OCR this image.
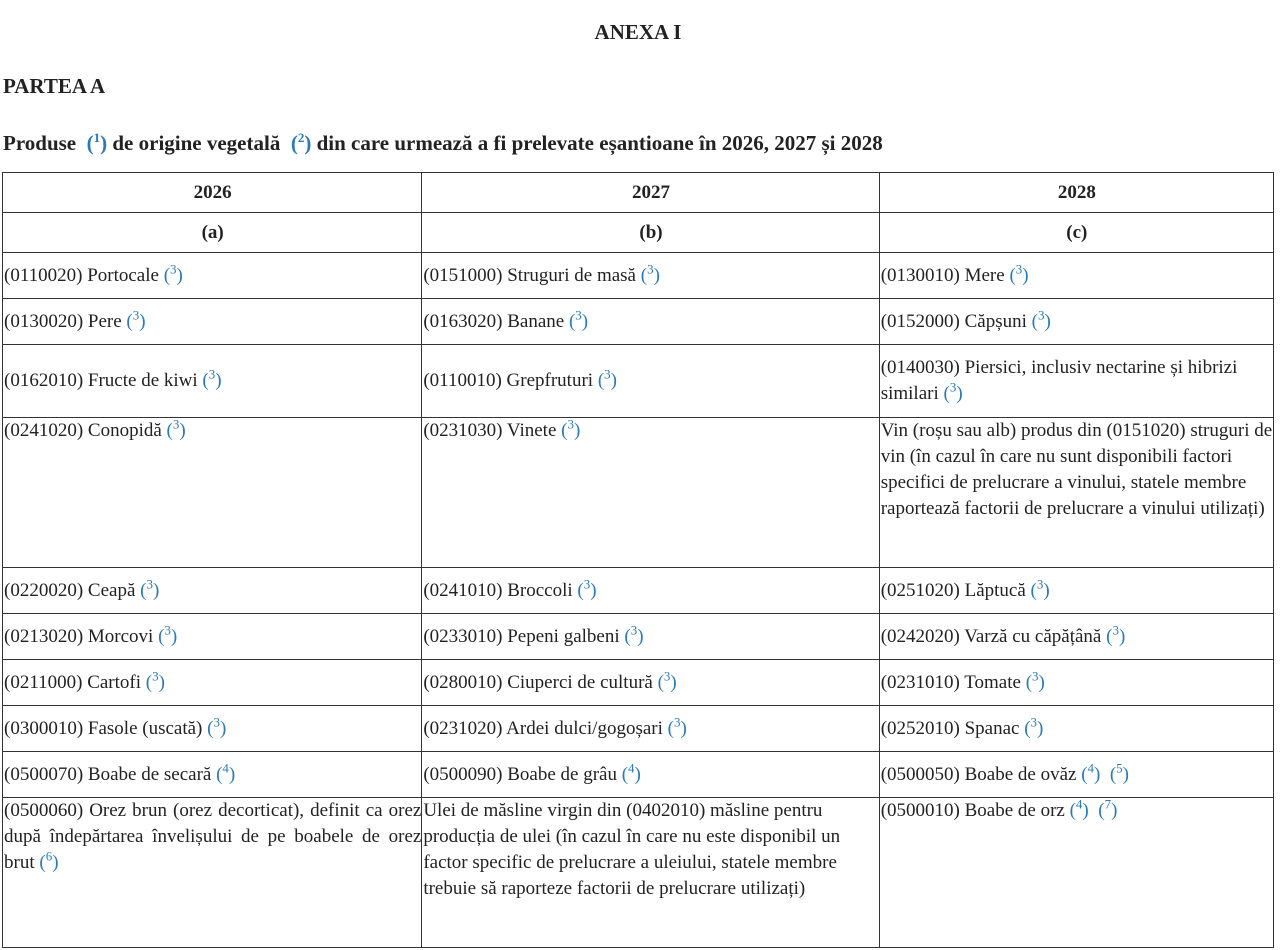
ANEXA I
PARTEA A
Produse ($^1$) de origine vegetală ($^2$) din care urmează a fi prelevate eșantioane în 2026, 2027 și 2028
2026	2027	2028
(a)	(b)	(c)
(0110020) Portocale ($^3$)	(0151000) Struguri de masă ($^3$)	(0130010) Mere ($^3$)
(0130020) Pere ($^3$)	(0163020) Banane ($^3$)	(0152000) Căpșuni ($^3$)
(0162010) Fructe de kiwi ($^3$)	(0110010) Grepfruturi ($^3$)	(0140030) Piersici, inclusiv nectarine și hibrizi similari ($^3$)
(0241020) Conopidă ($^3$)	(0231030) Vinete ($^3$)	Vin (roșu sau alb) produs din (0151020) struguri de vin (în cazul în care nu sunt disponibili factori specifici de prelucrare a vinului, statele membre raportează factorii de prelucrare a vinului utilizați)
(0220020) Ceapă ($^3$)	(0241010) Broccoli ($^3$)	(0251020) Lăptucă ($^3$)
(0213020) Morcovi ($^3$)	(0233010) Pepeni galbeni ($^3$)	(0242020) Varză cu căpățână ($^3$)
(0211000) Cartofi ($^3$)	(0280010) Ciuperci de cultură ($^3$)	(0231010) Tomate ($^3$)
(0300010) Fasole (uscată) ($^3$)	(0231020) Ardei dulci/gogoșari ($^3$)	(0252010) Spanac ($^3$)
(0500070) Boabe de secară ($^4$)	(0500090) Boabe de grâu ($^4$)	(0500050) Boabe de ovăz ($^4$) ($^5$)
(0500060) Orez brun (orez decorticat), definit ca orez după îndepărtarea învelișului de pe boabele de orez brut ($^6$)	Ulei de măsline virgin din (0402010) măsline pentru producția de ulei (în cazul în care nu este disponibil un factor specific de prelucrare a uleiului, statele membre trebuie să raporteze factorii de prelucrare utilizați)	(0500010) Boabe de orz ($^4$) ($^7$)
